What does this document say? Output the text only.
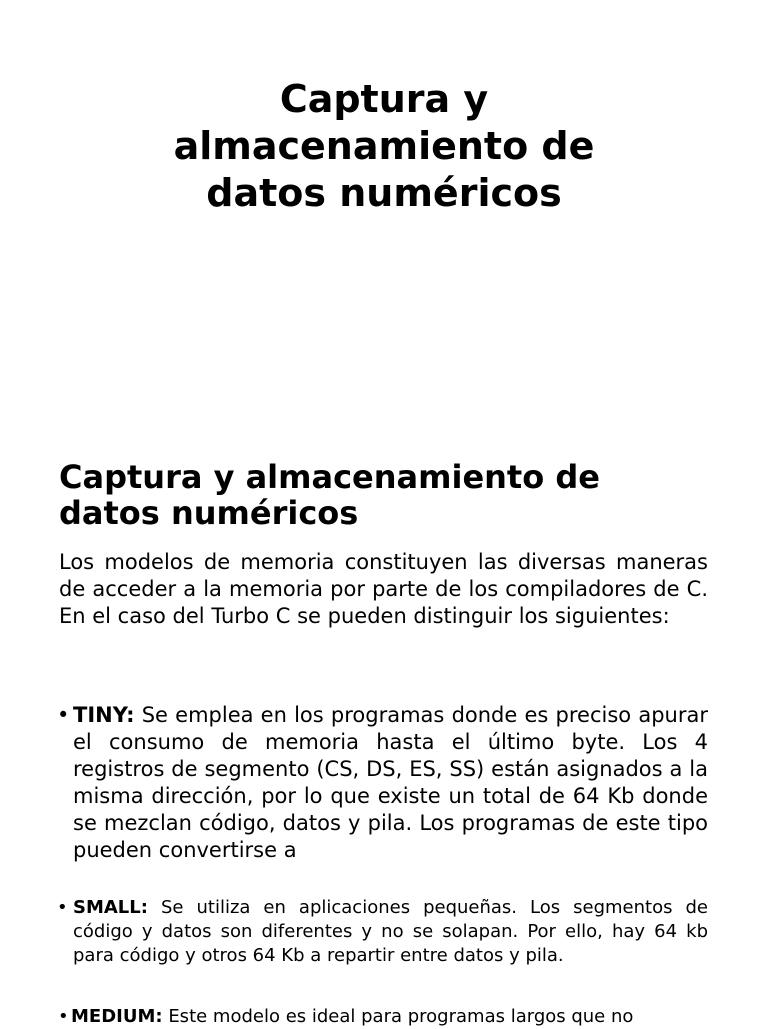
Captura y
almacenamiento de
datos numéricos
Captura y almacenamiento de
datos numéricos

Los modelos de memoria constituyen las diversas maneras de acceder a la memoria por parte de los compiladores de C. En el caso del Turbo C se pueden distinguir los siguientes:

• TINY: Se emplea en los programas donde es preciso apurar el consumo de memoria hasta el último byte. Los 4 registros de segmento (CS, DS, ES, SS) están asignados a la misma dirección, por lo que existe un total de 64 Kb donde se mezclan código, datos y pila. Los programas de este tipo pueden convertirse a

• SMALL: Se utiliza en aplicaciones pequeñas. Los segmentos de código y datos son diferentes y no se solapan. Por ello, hay 64 kb para código y otros 64 Kb a repartir entre datos y pila.

• MEDIUM: Este modelo es ideal para programas largos que no
